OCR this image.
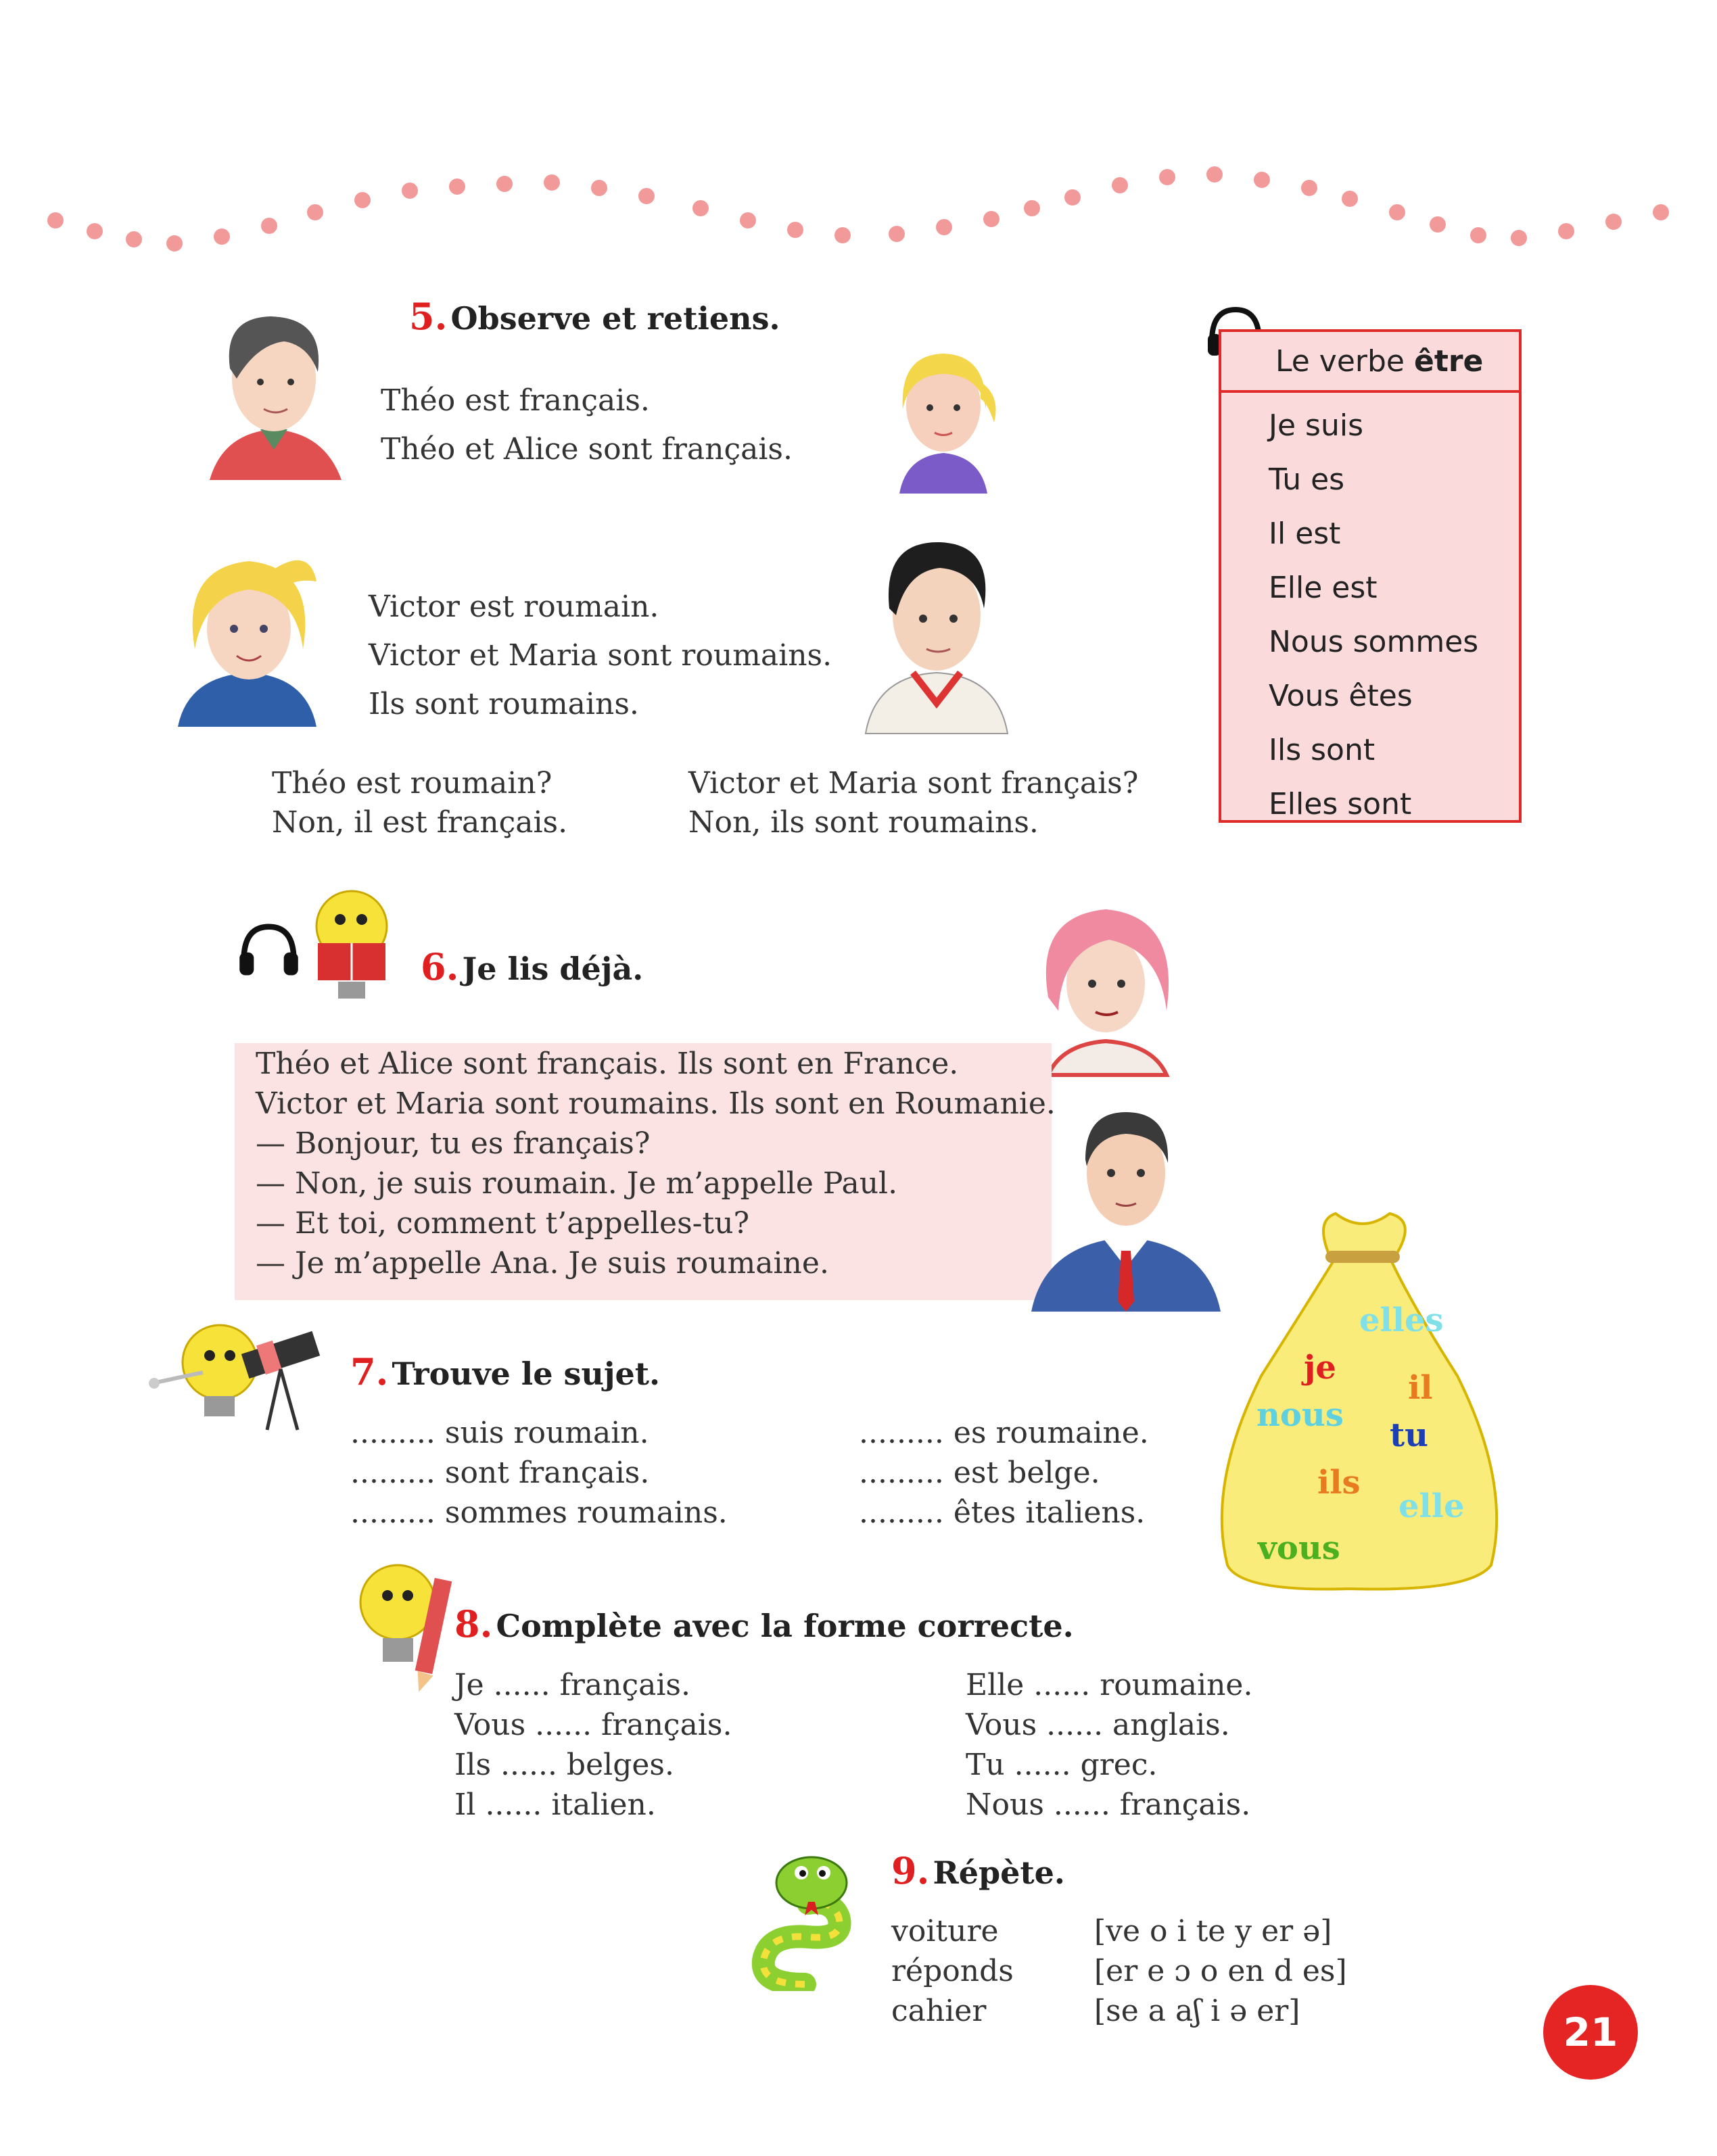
5. Observe et retiens.
Théo est français.
Théo et Alice sont français.
Victor est roumain.
Victor et Maria sont roumains.
Ils sont roumains.
Théo est roumain?
Non, il est français.
Victor et Maria sont français?
Non, ils sont roumains.
Le verbe être
Je suis
Tu es
Il est
Elle est
Nous sommes
Vous êtes
Ils sont
Elles sont
6. Je lis déjà.
Théo et Alice sont français. Ils sont en France.
Victor et Maria sont roumains. Ils sont en Roumanie.
— Bonjour, tu es français?
— Non, je suis roumain. Je m’appelle Paul.
— Et toi, comment t’appelles-tu?
— Je m’appelle Ana. Je suis roumaine.
7. Trouve le sujet.
......... suis roumain.
......... sont français.
......... sommes roumains.
......... es roumaine.
......... est belge.
......... êtes italiens.
elles
je
il
nous
tu
ils
elle
vous
8. Complète avec la forme correcte.
Je ...... français.
Vous ...... français.
Ils ...... belges.
Il ...... italien.
Elle ...... roumaine.
Vous ...... anglais.
Tu ...... grec.
Nous ...... français.
9. Répète.
voiture
réponds
cahier
[ve o i te y er ə]
[er e ɔ o en d es]
[se a aʃ i ə er]	21
